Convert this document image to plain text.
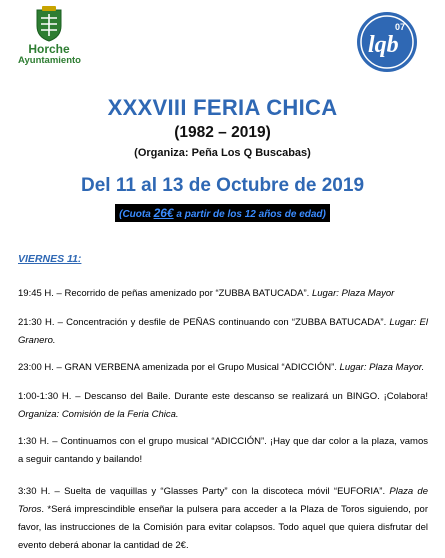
Horche
Ayuntamiento
07
lqb
XXXVIII FERIA CHICA
(1982 – 2019)
(Organiza: Peña Los Q Buscabas)
Del 11 al 13 de Octubre de 2019
(Cuota 26€ a partir de los 12 años de edad)
VIERNES 11:
19:45 H. – Recorrido de peñas amenizado por “ZUBBA BATUCADA”. Lugar: Plaza Mayor
21:30 H. – Concentración y desfile de PEÑAS continuando con “ZUBBA BATUCADA”. Lugar: El Granero.
23:00 H. – GRAN VERBENA amenizada por el Grupo Musical “ADICCIÓN”. Lugar: Plaza Mayor.
1:00-1:30 H. – Descanso del Baile. Durante este descanso se realizará un BINGO. ¡Colabora! Organiza: Comisión de la Feria Chica.
1:30 H. – Continuamos con el grupo musical “ADICCIÓN”. ¡Hay que dar color a la plaza, vamos a seguir cantando y bailando!
3:30 H. – Suelta de vaquillas y “Glasses Party” con la discoteca móvil “EUFORIA”. Plaza de Toros. *Será imprescindible enseñar la pulsera para acceder a la Plaza de Toros siguiendo, por favor, las instrucciones de la Comisión para evitar colapsos. Todo aquel que quiera disfrutar del evento deberá abonar la cantidad de 2€.
